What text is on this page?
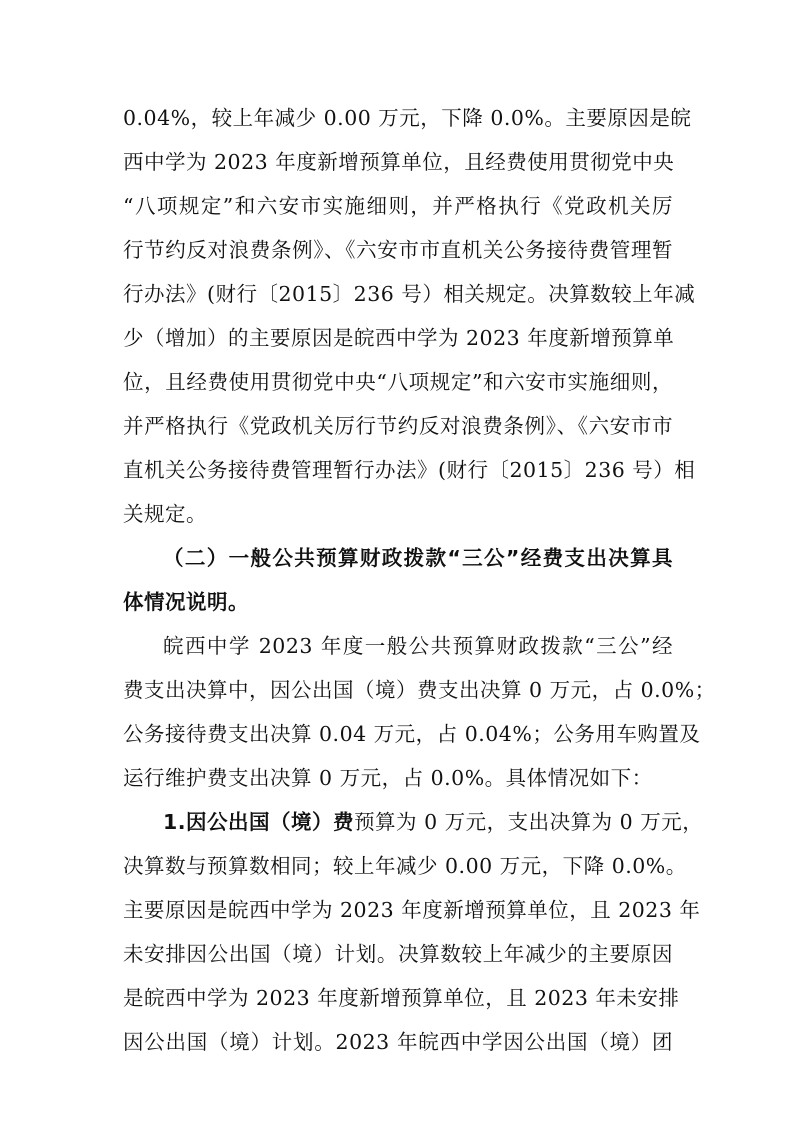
0.04%，较上年减少 0.00 万元，下降 0.0%。主要原因是皖
西中学为 2023 年度新增预算单位，且经费使用贯彻党中央
“八项规定”和六安市实施细则，并严格执行《党政机关厉
行节约反对浪费条例》、《六安市市直机关公务接待费管理暂
行办法》(财行〔2015〕236 号）相关规定。决算数较上年减
少（增加）的主要原因是皖西中学为 2023 年度新增预算单
位，且经费使用贯彻党中央“八项规定”和六安市实施细则，
并严格执行《党政机关厉行节约反对浪费条例》、《六安市市
直机关公务接待费管理暂行办法》(财行〔2015〕236 号）相
关规定。
（二）一般公共预算财政拨款“三公”经费支出决算具
体情况说明。
皖西中学 2023 年度一般公共预算财政拨款“三公”经
费支出决算中，因公出国（境）费支出决算 0 万元，占 0.0%；
公务接待费支出决算 0.04 万元，占 0.04%；公务用车购置及
运行维护费支出决算 0 万元，占 0.0%。具体情况如下：
1.因公出国（境）费预算为 0 万元，支出决算为 0 万元，
决算数与预算数相同；较上年减少 0.00 万元，下降 0.0%。
主要原因是皖西中学为 2023 年度新增预算单位，且 2023 年
未安排因公出国（境）计划。决算数较上年减少的主要原因
是皖西中学为 2023 年度新增预算单位，且 2023 年未安排
因公出国（境）计划。2023 年皖西中学因公出国（境）团
